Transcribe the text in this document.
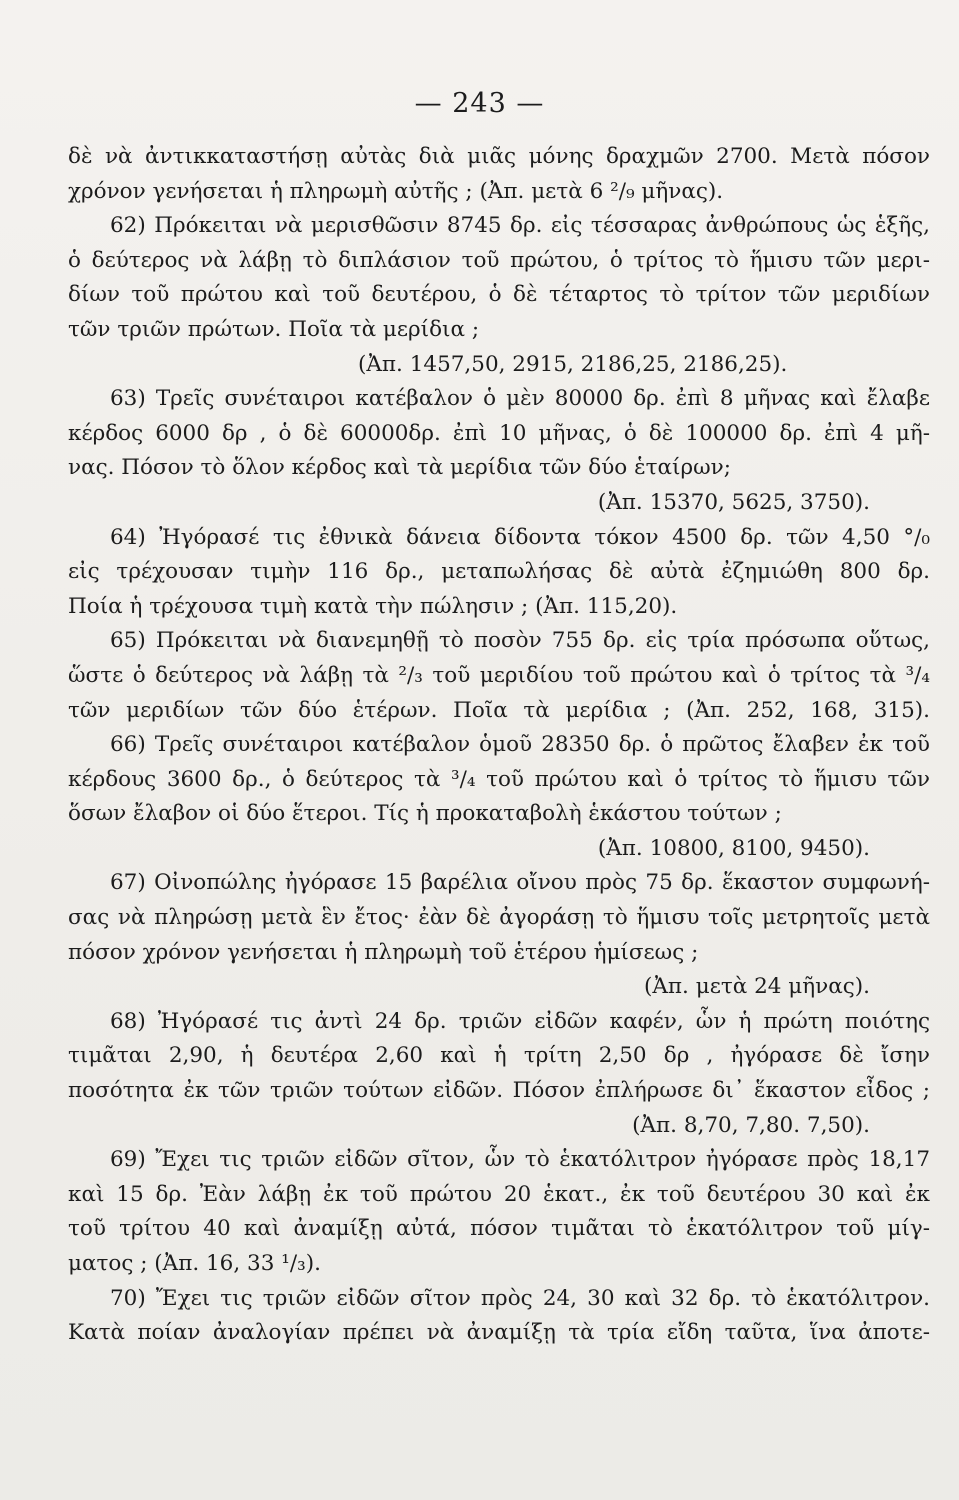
— 243 —
δὲ νὰ ἀντικκαταστήσῃ αὐτὰς διὰ μιᾶς μόνης δραχμῶν 2700. Μετὰ πόσον
χρόνον γενήσεται ἡ πληρωμὴ αὐτῆς ; (Ἀπ. μετὰ 6 ²/₉ μῆνας).
62) Πρόκειται νὰ μερισθῶσιν 8745 δρ. εἰς τέσσαρας ἀνθρώπους ὡς ἑξῆς,
ὁ δεύτερος νὰ λάβῃ τὸ διπλάσιον τοῦ πρώτου, ὁ τρίτος τὸ ἥμισυ τῶν μερι-
δίων τοῦ πρώτου καὶ τοῦ δευτέρου, ὁ δὲ τέταρτος τὸ τρίτον τῶν μεριδίων
τῶν τριῶν πρώτων. Ποῖα τὰ μερίδια ;
(Ἀπ. 1457,50, 2915, 2186,25, 2186,25).
63) Τρεῖς συνέταιροι κατέβαλον ὁ μὲν 80000 δρ. ἐπὶ 8 μῆνας καὶ ἔλαβε
κέρδος 6000 δρ , ὁ δὲ 60000δρ. ἐπὶ 10 μῆνας, ὁ δὲ 100000 δρ. ἐπὶ 4 μῆ-
νας. Πόσον τὸ ὅλον κέρδος καὶ τὰ μερίδια τῶν δύο ἑταίρων;
(Ἀπ. 15370, 5625, 3750).
64) Ἠγόρασέ τις ἐθνικὰ δάνεια δίδοντα τόκον 4500 δρ. τῶν 4,50 °/₀
εἰς τρέχουσαν τιμὴν 116 δρ., μεταπωλήσας δὲ αὐτὰ ἐζημιώθη 800 δρ.
Ποία ἡ τρέχουσα τιμὴ κατὰ τὴν πώλησιν ; (Ἀπ. 115,20).
65) Πρόκειται νὰ διανεμηθῇ τὸ ποσὸν 755 δρ. εἰς τρία πρόσωπα οὕτως,
ὥστε ὁ δεύτερος νὰ λάβῃ τὰ ²/₃ τοῦ μεριδίου τοῦ πρώτου καὶ ὁ τρίτος τὰ ³/₄
τῶν μεριδίων τῶν δύο ἑτέρων. Ποῖα τὰ μερίδια ; (Ἀπ. 252, 168, 315).
66) Τρεῖς συνέταιροι κατέβαλον ὁμοῦ 28350 δρ. ὁ πρῶτος ἔλαβεν ἐκ τοῦ
κέρδους 3600 δρ., ὁ δεύτερος τὰ ³/₄ τοῦ πρώτου καὶ ὁ τρίτος τὸ ἥμισυ τῶν
ὅσων ἔλαβον οἱ δύο ἕτεροι. Τίς ἡ προκαταβολὴ ἑκάστου τούτων ;
(Ἀπ. 10800, 8100, 9450).
67) Οἰνοπώλης ἠγόρασε 15 βαρέλια οἴνου πρὸς 75 δρ. ἕκαστον συμφωνή-
σας νὰ πληρώσῃ μετὰ ἓν ἔτος· ἐὰν δὲ ἀγοράσῃ τὸ ἥμισυ τοῖς μετρητοῖς μετὰ
πόσον χρόνον γενήσεται ἡ πληρωμὴ τοῦ ἑτέρου ἡμίσεως ;
(Ἀπ. μετὰ 24 μῆνας).
68) Ἠγόρασέ τις ἀντὶ 24 δρ. τριῶν εἰδῶν καφέν, ὧν ἡ πρώτη ποιότης
τιμᾶται 2,90, ἡ δευτέρα 2,60 καὶ ἡ τρίτη 2,50 δρ , ἠγόρασε δὲ ἴσην
ποσότητα ἐκ τῶν τριῶν τούτων εἰδῶν. Πόσον ἐπλήρωσε δι᾽ ἕκαστον εἶδος ;
(Ἀπ. 8,70, 7,80. 7,50).
69) Ἔχει τις τριῶν εἰδῶν σῖτον, ὧν τὸ ἑκατόλιτρον ἠγόρασε πρὸς 18,17
καὶ 15 δρ. Ἐὰν λάβῃ ἐκ τοῦ πρώτου 20 ἑκατ., ἐκ τοῦ δευτέρου 30 καὶ ἐκ
τοῦ τρίτου 40 καὶ ἀναμίξῃ αὐτά, πόσον τιμᾶται τὸ ἑκατόλιτρον τοῦ μίγ-
ματος ; (Ἀπ. 16, 33 ¹/₃).
70) Ἔχει τις τριῶν εἰδῶν σῖτον πρὸς 24, 30 καὶ 32 δρ. τὸ ἑκατόλιτρον.
Κατὰ ποίαν ἀναλογίαν πρέπει νὰ ἀναμίξῃ τὰ τρία εἴδη ταῦτα, ἵνα ἀποτε-
